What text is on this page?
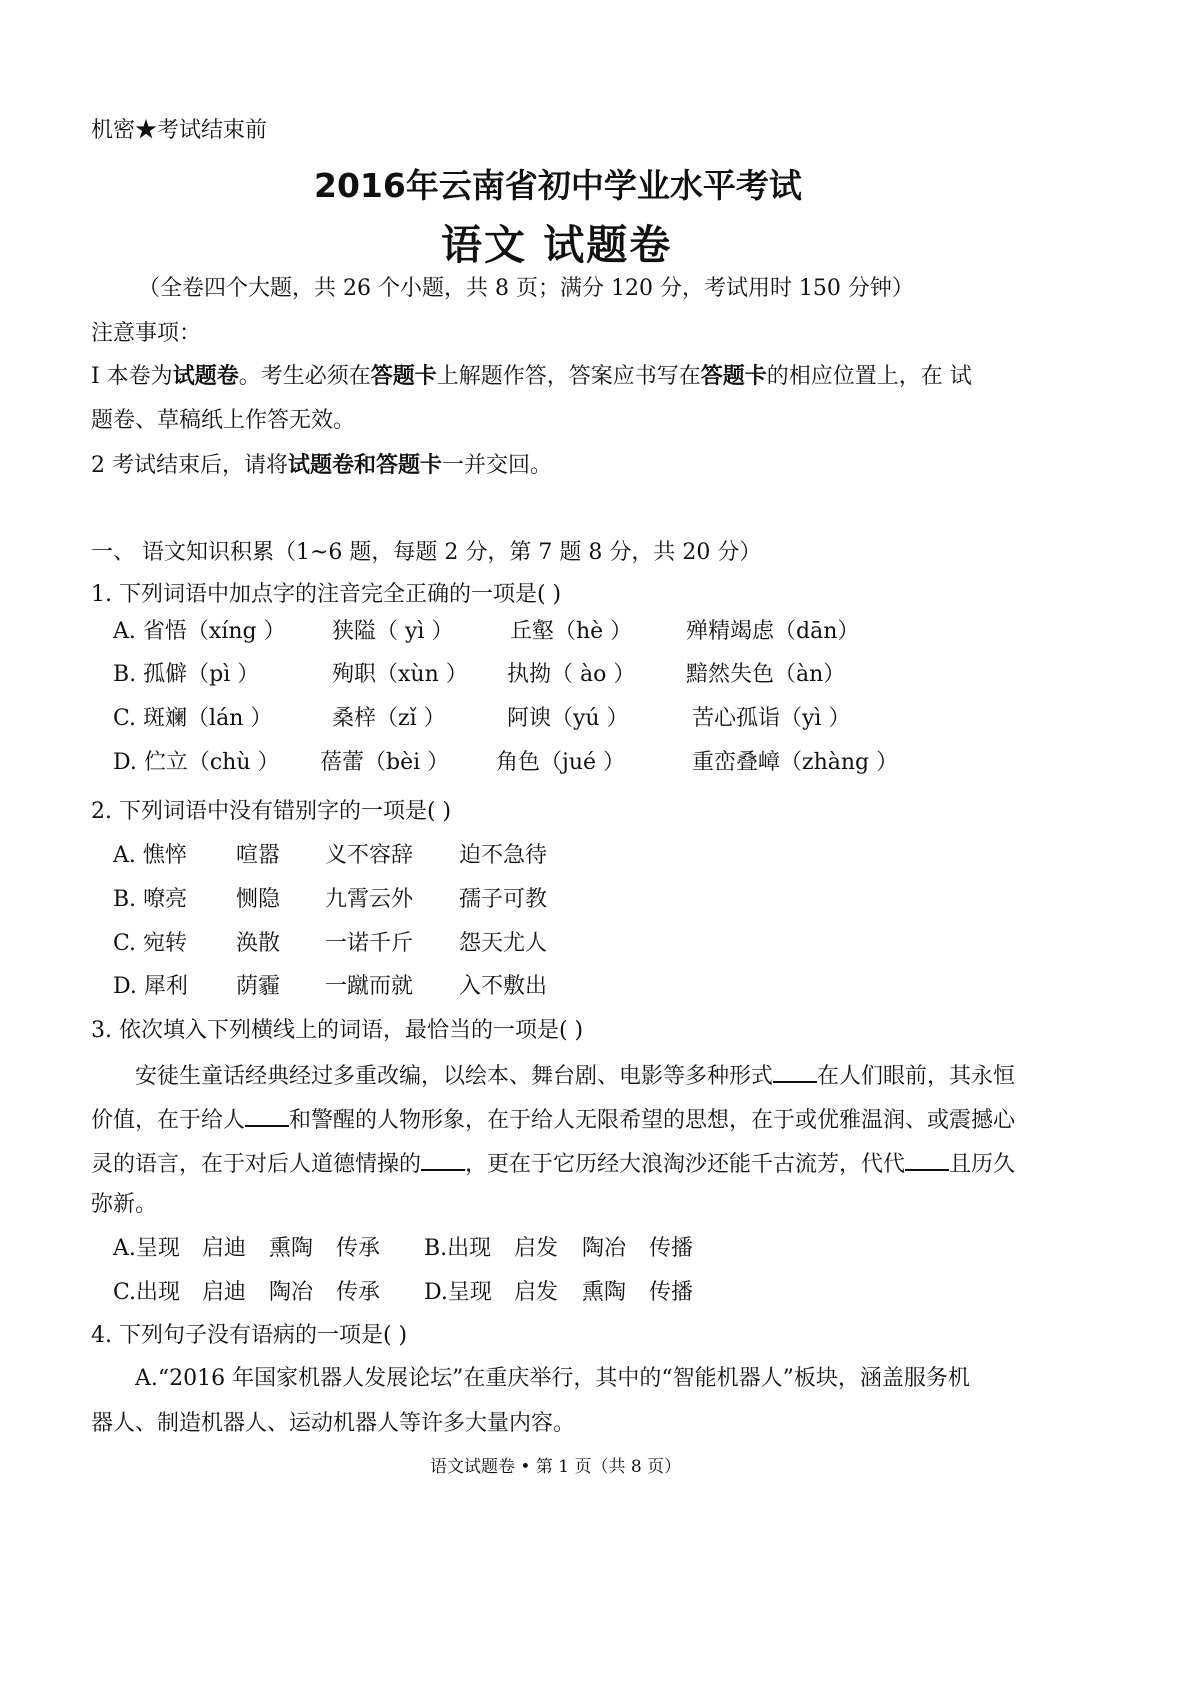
机密★考试结束前
2016年云南省初中学业水平考试
语文 试题卷
（全卷四个大题，共 26 个小题，共 8 页；满分 120 分，考试用时 150 分钟）
注意事项：
I 本卷为试题卷。考生必须在答题卡上解题作答，答案应书写在答题卡的相应位置上，在 试
题卷、草稿纸上作答无效。
2 考试结束后，请将试题卷和答题卡一并交回。
一、 语文知识积累（1~6 题，每题 2 分，第 7 题 8 分，共 20 分）
1. 下列词语中加点字的注音完全正确的一项是( )
A. 省悟（xíng ） 狭隘（ yì ）	丘壑（hè ） 殚精竭虑（dān）
B. 孤僻（pì ）	殉职（xùn ） 执拗（ ào ） 黯然失色（àn）
C. 斑斓（lán ）	桑梓（zǐ ）	阿谀（yú ）	苦心孤诣（yì ）
D. 伫立（chù ） 蓓蕾（bèi ） 角色（jué ）	重峦叠嶂（zhàng ）
2. 下列词语中没有错别字的一项是( )
A. 憔悴 喧嚣 义不容辞 迫不急待
B. 嘹亮 恻隐 九霄云外 孺子可教
C. 宛转 涣散 一诺千斤 怨天尤人
D. 犀利 荫霾 一蹴而就 入不敷出
3. 依次填入下列横线上的词语，最恰当的一项是( )
安徒生童话经典经过多重改编，以绘本、舞台剧、电影等多种形式 在人们眼前，其永恒
价值，在于给人 和警醒的人物形象，在于给人无限希望的思想，在于或优雅温润、或震撼心
灵的语言，在于对后人道德情操的 ，更在于它历经大浪淘沙还能千古流芳，代代 且历久
弥新。
A.呈现 启迪 熏陶 传承 B.出现 启发 陶冶 传播
C.出现 启迪 陶冶 传承 D.呈现 启发 熏陶 传播
4. 下列句子没有语病的一项是( )
A.“2016 年国家机器人发展论坛”在重庆举行，其中的“智能机器人”板块，涵盖服务机
器人、制造机器人、运动机器人等许多大量内容。
语文试题卷 • 第 1 页（共 8 页）
